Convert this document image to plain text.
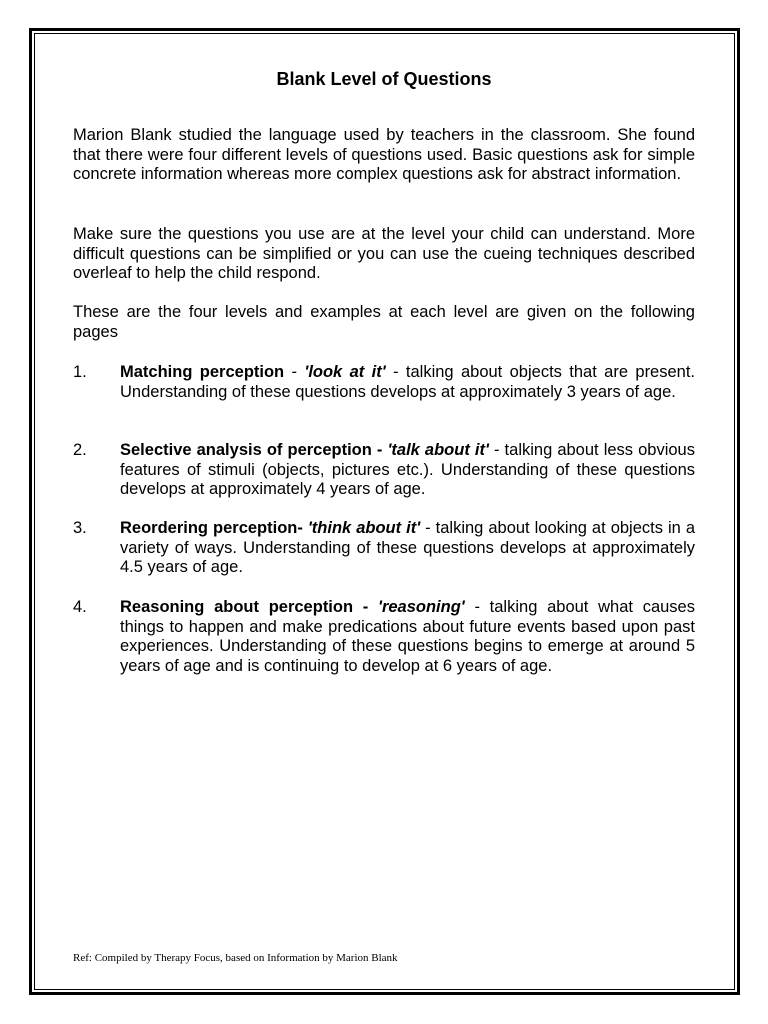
Blank Level of Questions

Marion Blank studied the language used by teachers in the classroom. She found that there were four different levels of questions used. Basic questions ask for simple concrete information whereas more complex questions ask for abstract information.

Make sure the questions you use are at the level your child can understand. More difficult questions can be simplified or you can use the cueing techniques described overleaf to help the child respond.

These are the four levels and examples at each level are given on the following pages

1. Matching perception - 'look at it' - talking about objects that are present. Understanding of these questions develops at approximately 3 years of age.
2. Selective analysis of perception - 'talk about it' - talking about less obvious features of stimuli (objects, pictures etc.). Understanding of these questions develops at approximately 4 years of age.
3. Reordering perception- 'think about it' - talking about looking at objects in a variety of ways. Understanding of these questions develops at approximately 4.5 years of age.
4. Reasoning about perception - 'reasoning' - talking about what causes things to happen and make predications about future events based upon past experiences. Understanding of these questions begins to emerge at around 5 years of age and is continuing to develop at 6 years of age.
Ref: Compiled by Therapy Focus, based on Information by Marion Blank
